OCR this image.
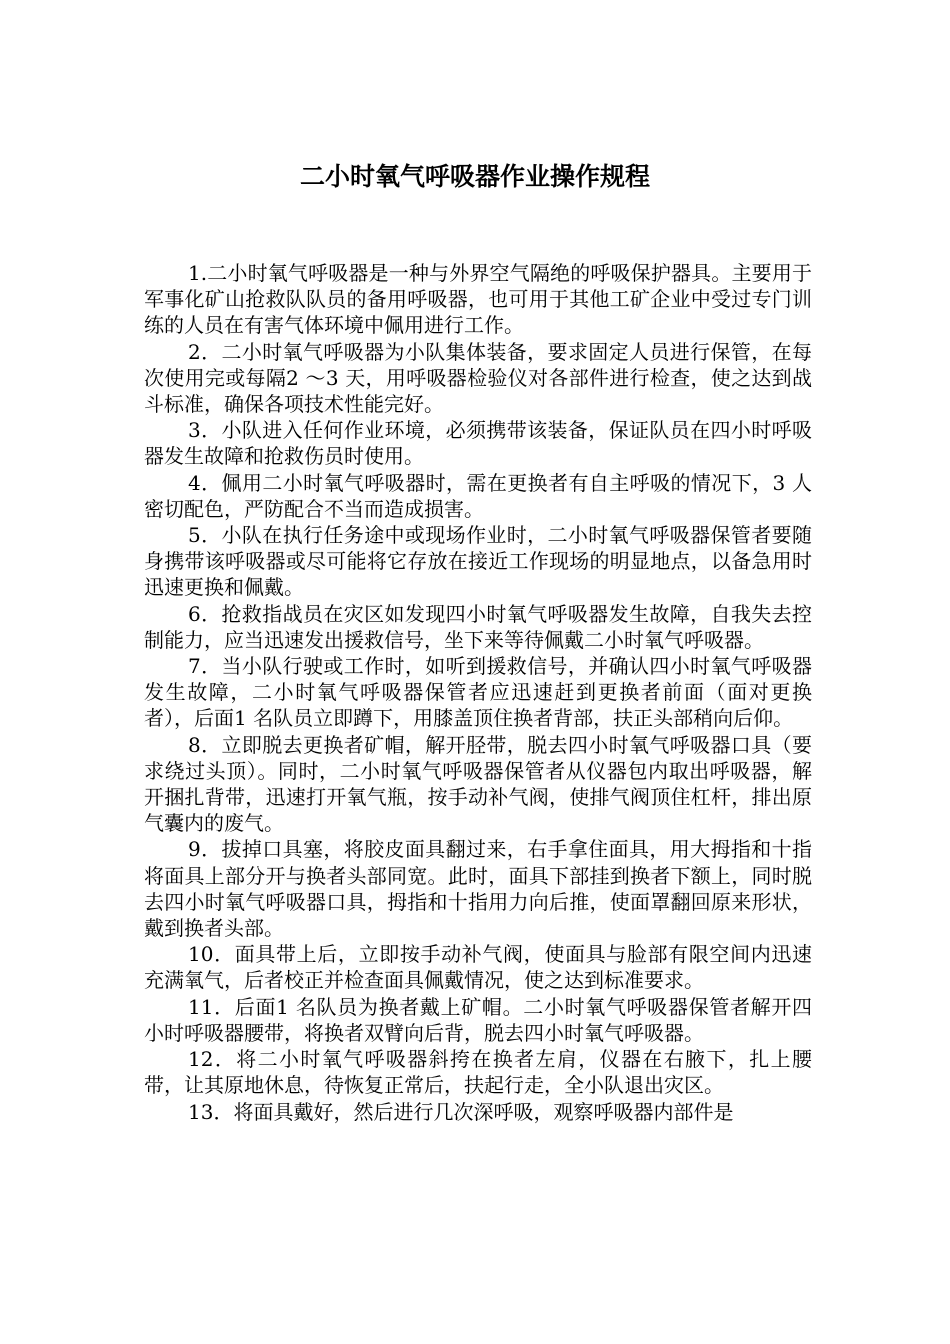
二小时氧气呼吸器作业操作规程

1.二小时氧气呼吸器是一种与外界空气隔绝的呼吸保护器具。主要用于军事化矿山抢救队队员的备用呼吸器，也可用于其他工矿企业中受过专门训练的人员在有害气体环境中佩用进行工作。

2．二小时氧气呼吸器为小队集体装备，要求固定人员进行保管，在每次使用完或每隔2 ～3 天，用呼吸器检验仪对各部件进行检查，使之达到战斗标准，确保各项技术性能完好。

3．小队进入任何作业环境，必须携带该装备，保证队员在四小时呼吸器发生故障和抢救伤员时使用。

4．佩用二小时氧气呼吸器时，需在更换者有自主呼吸的情况下，3 人密切配色，严防配合不当而造成损害。

5．小队在执行任务途中或现场作业时，二小时氧气呼吸器保管者要随身携带该呼吸器或尽可能将它存放在接近工作现场的明显地点，以备急用时迅速更换和佩戴。

6．抢救指战员在灾区如发现四小时氧气呼吸器发生故障，自我失去控制能力，应当迅速发出援救信号，坐下来等待佩戴二小时氧气呼吸器。

7．当小队行驶或工作时，如听到援救信号，并确认四小时氧气呼吸器发生故障，二小时氧气呼吸器保管者应迅速赶到更换者前面（面对更换者），后面1 名队员立即蹲下，用膝盖顶住换者背部，扶正头部稍向后仰。

8．立即脱去更换者矿帽，解开胫带，脱去四小时氧气呼吸器口具（要求绕过头顶）。同时，二小时氧气呼吸器保管者从仪器包内取出呼吸器，解开捆扎背带，迅速打开氧气瓶，按手动补气阀，使排气阀顶住杠杆，排出原气囊内的废气。

9．拔掉口具塞，将胶皮面具翻过来，右手拿住面具，用大拇指和十指将面具上部分开与换者头部同宽。此时，面具下部挂到换者下额上，同时脱去四小时氧气呼吸器口具，拇指和十指用力向后推，使面罩翻回原来形状，戴到换者头部。

10．面具带上后，立即按手动补气阀，使面具与脸部有限空间内迅速充满氧气，后者校正并检查面具佩戴情况，使之达到标准要求。

11．后面1 名队员为换者戴上矿帽。二小时氧气呼吸器保管者解开四小时呼吸器腰带，将换者双臂向后背，脱去四小时氧气呼吸器。

12．将二小时氧气呼吸器斜挎在换者左肩，仪器在右腋下，扎上腰带，让其原地休息，待恢复正常后，扶起行走，全小队退出灾区。

13．将面具戴好，然后进行几次深呼吸，观察呼吸器内部件是
